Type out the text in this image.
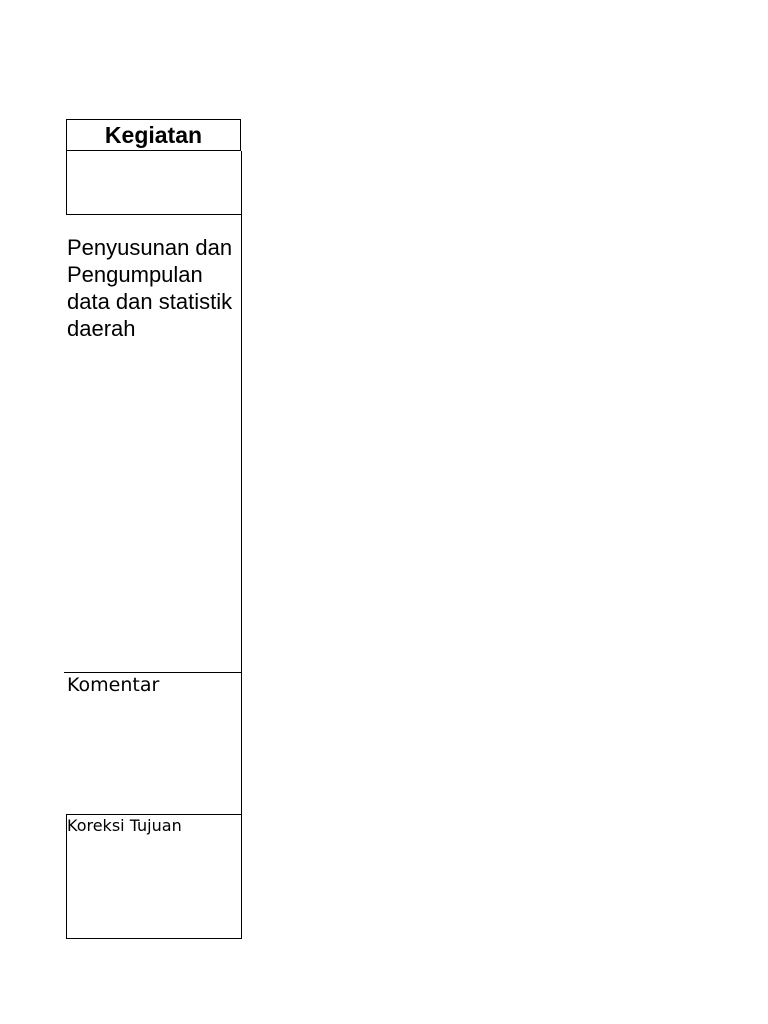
Kegiatan
Penyusunan dan Pengumpulan data dan statistik daerah
Komentar
Koreksi Tujuan
